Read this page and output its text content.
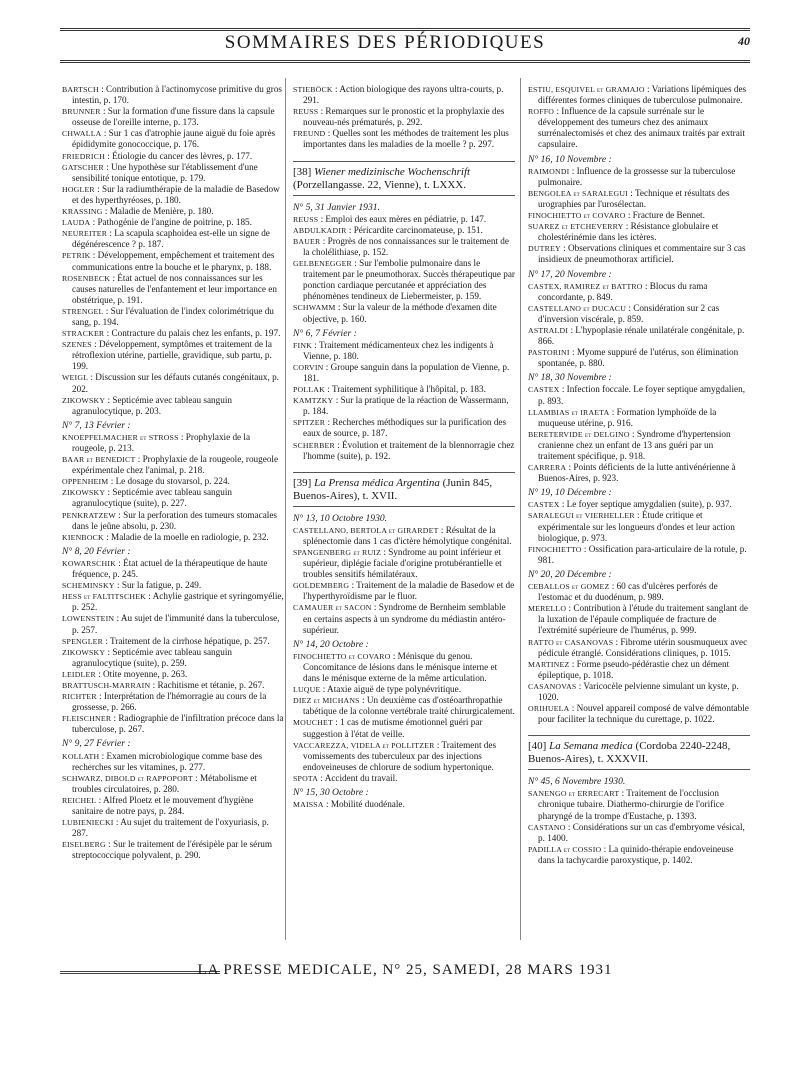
SOMMAIRES DES PÉRIODIQUES	40

BARTSCH : Contribution à l'actinomycose primitive du gros intestin, p. 170.

BRUNNER : Sur la formation d'une fissure dans la capsule osseuse de l'oreille interne, p. 173.

CHWALLA : Sur 1 cas d'atrophie jaune aiguë du foie après épididymite gonococcique, p. 176.

FRIEDRICH : Étiologie du cancer des lèvres, p. 177.

GATSCHER : Une hypothèse sur l'établissement d'une sensibilité tonique entotique, p. 179.

HOGLER : Sur la radiumthérapie de la maladie de Basedow et des hyperthyréoses, p. 180.

KRASSING : Maladie de Menière, p. 180.

LAUDA : Pathogénie de l'angine de poitrine, p. 185.

NEUREITER : La scapula scaphoidea est-elle un signe de dégénérescence ? p. 187.

PETRIK : Développement, empêchement et traitement des communications entre la bouche et le pharynx, p. 188.

ROSENBECK : État actuel de nos connaissances sur les causes naturelles de l'enfantement et leur importance en obstétrique, p. 191.

STRENGEL : Sur l'évaluation de l'index colorimétrique du sang, p. 194.

STRACKER : Contracture du palais chez les enfants, p. 197.

SZENES : Développement, symptômes et traitement de la rétroflexion utérine, partielle, gravidique, sub partu, p. 199.

WEIGL : Discussion sur les défauts cutanés congénitaux, p. 202.

ZIKOWSKY : Septicémie avec tableau sanguin agranulocytique, p. 203.

N° 7, 13 Février :

KNOEPFELMACHER et STROSS : Prophylaxie de la rougeole, p. 213.

BAAR et BENEDICT : Prophylaxie de la rougeole, rougeole expérimentale chez l'animal, p. 218.

OPPENHEIM : Le dosage du stovarsol, p. 224.

ZIKOWSKY : Septicémie avec tableau sanguin agranulocytique (suite), p. 227.

PENKRATZEW : Sur la perforation des tumeurs stomacales dans le jeûne absolu, p. 230.

KIENBOCK : Maladie de la moelle en radiologie, p. 232.

N° 8, 20 Février :

KOWARSCHIK : État actuel de la thérapeutique de haute fréquence, p. 245.

SCHEMINSKY : Sur la fatigue, p. 249.

HESS et FALTITSCHEK : Achylie gastrique et syringomyélie, p. 252.

LOWENSTEIN : Au sujet de l'immunité dans la tuberculose, p. 257.

SPENGLER : Traitement de la cirrhose hépatique, p. 257.

ZIKOWSKY : Septicémie avec tableau sanguin agranulocytique (suite), p. 259.

LEIDLER : Otite moyenne, p. 263.

BRATTUSCH-MARRAIN : Rachitisme et tétanie, p. 267.

RICHTER : Interprétation de l'hémorragie au cours de la grossesse, p. 266.

FLEISCHNER : Radiographie de l'infiltration précoce dans la tuberculose, p. 267.

N° 9, 27 Février :

KOLLATH : Examen microbiologique comme base des recherches sur les vitamines, p. 277.

SCHWARZ, DIBOLD et RAPPOPORT : Métabolisme et troubles circulatoires, p. 280.

REICHEL : Alfred Ploetz et le mouvement d'hygiène sanitaire de notre pays, p. 284.

LUBIENIECKI : Au sujet du traitement de l'oxyuriasis, p. 287.

EISELBERG : Sur le traitement de l'érésipèle par le sérum streptococcique polyvalent, p. 290.

STIEBÖCK : Action biologique des rayons ultra-courts, p. 291.

REUSS : Remarques sur le pronostic et la prophylaxie des nouveau-nés prématurés, p. 292.

FREUND : Quelles sont les méthodes de traitement les plus importantes dans les maladies de la moelle ? p. 297.

[38] Wiener medizinische Wochenschrift (Porzellangasse. 22, Vienne), t. LXXX.
N° 5, 31 Janvier 1931.

REUSS : Emploi des eaux mères en pédiatrie, p. 147.

ABDULKADIR : Péricardite carcinomateuse, p. 151.

BAUER : Progrès de nos connaissances sur le traitement de la cholélithiase, p. 152.

GELBENEGGER : Sur l'embolie pulmonaire dans le traitement par le pneumothorax. Succès thérapeutique par ponction cardiaque percutanée et appréciation des phénomènes tendineux de Liebermeister, p. 159.

SCHWAMM : Sur la valeur de la méthode d'examen dite objective, p. 160.

N° 6, 7 Février :

FINK : Traitement médicamenteux chez les indigents à Vienne, p. 180.

CORVIN : Groupe sanguin dans la population de Vienne, p. 181.

POLLAK : Traitement syphilitique à l'hôpital, p. 183.

KAMTZKY : Sur la pratique de la réaction de Wassermann, p. 184.

SPITZER : Recherches méthodiques sur la purification des eaux de source, p. 187.

SCHERBER : Évolution et traitement de la blennorragie chez l'homme (suite), p. 192.

[39] La Prensa médica Argentina (Junin 845, Buenos-Aires), t. XVII.
N° 13, 10 Octobre 1930.

CASTELLANO, BERTOLA et GIRARDET : Résultat de la splénectomie dans 1 cas d'ictère hémolytique congénital.

SPANGENBERG et RUIZ : Syndrome au point inférieur et supérieur, diplégie faciale d'origine protubérantielle et troubles sensitifs hémilatéraux.

GOLDEMBERG : Traitement de la maladie de Basedow et de l'hyperthyroïdisme par le fluor.

CAMAUER et SACON : Syndrome de Bernheim semblable en certains aspects à un syndrome du médiastin antéro-supérieur.

N° 14, 20 Octobre :

FINOCHIETTO et COVARO : Ménisque du genou. Concomitance de lésions dans le ménisque interne et dans le ménisque externe de la même articulation.

LUQUE : Ataxie aiguë de type polynévritique.

DIEZ et MICHANS : Un deuxième cas d'ostéoarthropathie tabétique de la colonne vertébrale traité chirurgicalement.

MOUCHET : 1 cas de mutisme émotionnel guéri par suggestion à l'état de veille.

VACCAREZZA, VIDELA et POLLITZER : Traitement des vomissements des tuberculeux par des injections endoveineuses de chlorure de sodium hypertonique.

SPOTA : Accident du travail.

N° 15, 30 Octobre :

MAISSA : Mobilité duodénale.

ESTIU, ESQUIVEL et GRAMAJO : Variations lipémiques des différentes formes cliniques de tuberculose pulmonaire.

ROFFO : Influence de la capsule surrénale sur le développement des tumeurs chez des animaux surrénalectomisés et chez des animaux traités par extrait capsulaire.

N° 16, 10 Novembre :

RAIMONDI : Influence de la grossesse sur la tuberculose pulmonaire.

BENGOLEA et SARALEGUI : Technique et résultats des urographies par l'urosélectan.

FINOCHIETTO et COVARO : Fracture de Bennet.

SUAREZ et ETCHEVERRY : Résistance globulaire et cholestérinémie dans les ictères.

DUTREY : Observations cliniques et commentaire sur 3 cas insidieux de pneumothorax artificiel.

N° 17, 20 Novembre :

CASTEX, RAMIREZ et BATTRO : Blocus du rama concordante, p. 849.

CASTELLANO et DUCACU : Considération sur 2 cas d'inversion viscérale, p. 859.

ASTRALDI : L'hypoplasie rénale unilatérale congénitale, p. 866.

PASTORINI : Myome suppuré de l'utérus, son élimination spontanée, p. 880.

N° 18, 30 Novembre :

CASTEX : Infection foccale. Le foyer septique amygdalien, p. 893.

LLAMBIAS et IRAETA : Formation lymphoïde de la muqueuse utérine, p. 916.

BERETERVIDE et DELGINO : Syndrome d'hypertension cranienne chez un enfant de 13 ans guéri par un traitement spécifique, p. 918.

CARRERA : Points déficients de la lutte antivénérienne à Buenos-Aires, p. 923.

N° 19, 10 Décembre :

CASTEX : Le foyer septique amygdalien (suite), p. 937.

SARALEGUI et VIERHELLER : Étude critique et expérimentale sur les longueurs d'ondes et leur action biologique, p. 973.

FINOCHIETTO : Ossification para-articulaire de la rotule, p. 981.

N° 20, 20 Décembre :

CEBALLOS et GOMEZ : 60 cas d'ulcères perforés de l'estomac et du duodénum, p. 989.

MERELLO : Contribution à l'étude du traitement sanglant de la luxation de l'épaule compliquée de fracture de l'extrémité supérieure de l'humérus, p. 999.

RATTO et CASANOVAS : Fibrome utérin sousmuqueux avec pédicule étranglé. Considérations cliniques, p. 1015.

MARTINEZ : Forme pseudo-pédérastie chez un dément épileptique, p. 1018.

CASANOVAS : Varicocèle pelvienne simulant un kyste, p. 1020.

ORIHUELA : Nouvel appareil composé de valve démontable pour faciliter la technique du curettage, p. 1022.

[40] La Semana medica (Cordoba 2240-2248, Buenos-Aires), t. XXXVII.
N° 45, 6 Novembre 1930.

SANENGO et ERRECART : Traitement de l'occlusion chronique tubaire. Diathermo-chirurgie de l'orifice pharyngé de la trompe d'Eustache, p. 1393.

CASTANO : Considérations sur un cas d'embryome vésical, p. 1400.

PADILLA et COSSIO : La quinido-thérapie endoveineuse dans la tachycardie paroxystique, p. 1402.

LA PRESSE MEDICALE, N° 25, SAMEDI, 28 MARS 1931
